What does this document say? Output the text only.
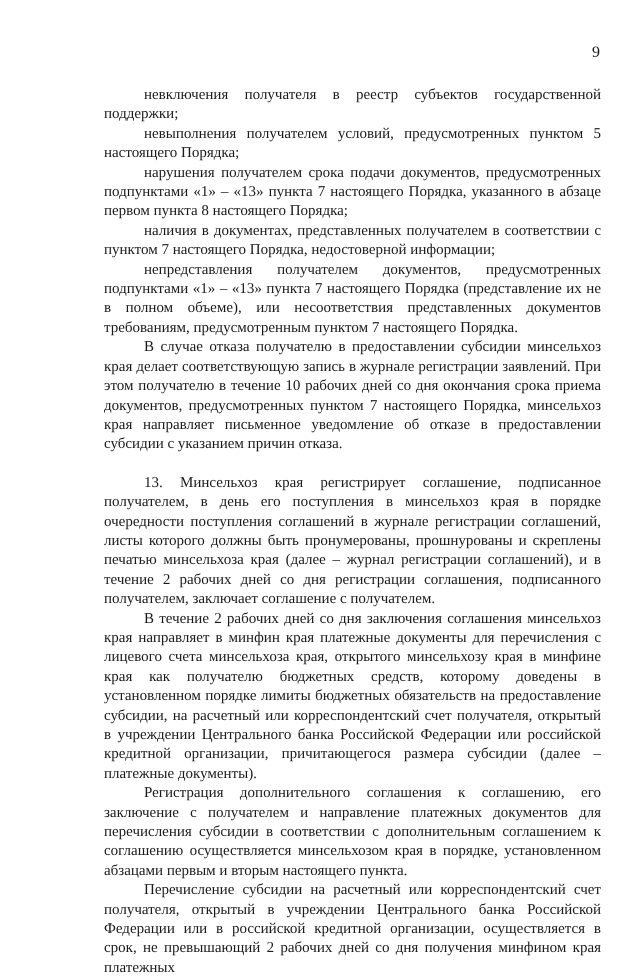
9

невключения получателя в реестр субъектов государственной поддержки;

невыполнения получателем условий, предусмотренных пунктом 5 настоящего Порядка;

нарушения получателем срока подачи документов, предусмотренных подпунктами «1» – «13» пункта 7 настоящего Порядка, указанного в абзаце первом пункта 8 настоящего Порядка;

наличия в документах, представленных получателем в соответствии с пунктом 7 настоящего Порядка, недостоверной информации;

непредставления получателем документов, предусмотренных подпунктами «1» – «13» пункта 7 настоящего Порядка (представление их не в полном объеме), или несоответствия представленных документов требованиям, предусмотренным пунктом 7 настоящего Порядка.

В случае отказа получателю в предоставлении субсидии минсельхоз края делает соответствующую запись в журнале регистрации заявлений. При этом получателю в течение 10 рабочих дней со дня окончания срока приема документов, предусмотренных пунктом 7 настоящего Порядка, минсельхоз края направляет письменное уведомление об отказе в предоставлении субсидии с указанием причин отказа.

13. Минсельхоз края регистрирует соглашение, подписанное получателем, в день его поступления в минсельхоз края в порядке очередности поступления соглашений в журнале регистрации соглашений, листы которого должны быть пронумерованы, прошнурованы и скреплены печатью минсельхоза края (далее – журнал регистрации соглашений), и в течение 2 рабочих дней со дня регистрации соглашения, подписанного получателем, заключает соглашение с получателем.

В течение 2 рабочих дней со дня заключения соглашения минсельхоз края направляет в минфин края платежные документы для перечисления с лицевого счета минсельхоза края, открытого минсельхозу края в минфине края как получателю бюджетных средств, которому доведены в установленном порядке лимиты бюджетных обязательств на предоставление субсидии, на расчетный или корреспондентский счет получателя, открытый в учреждении Центрального банка Российской Федерации или российской кредитной организации, причитающегося размера субсидии (далее – платежные документы).

Регистрация дополнительного соглашения к соглашению, его заключение с получателем и направление платежных документов для перечисления субсидии в соответствии с дополнительным соглашением к соглашению осуществляется минсельхозом края в порядке, установленном абзацами первым и вторым настоящего пункта.

Перечисление субсидии на расчетный или корреспондентский счет получателя, открытый в учреждении Центрального банка Российской Федерации или в российской кредитной организации, осуществляется в срок, не превышающий 2 рабочих дней со дня получения минфином края платежных
